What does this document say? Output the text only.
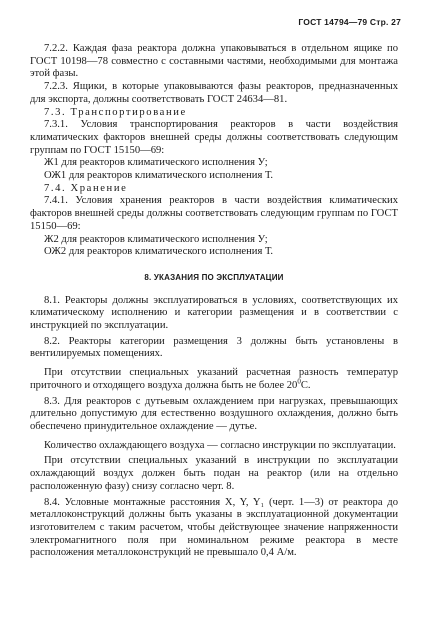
ГОСТ 14794—79 Стр. 27

7.2.2. Каждая фаза реактора должна упаковываться в отдельном ящике по ГОСТ 10198—78 совместно с составными частями, необходимыми для монтажа этой фазы.

7.2.3. Ящики, в которые упаковываются фазы реакторов, предназначенных для экспорта, должны соответствовать ГОСТ 24634—81.

7.3. Транспортирование

7.3.1. Условия транспортирования реакторов в части воздействия климатических факторов внешней среды должны соответствовать следующим группам по ГОСТ 15150—69:

Ж1 для реакторов климатического исполнения У;

ОЖ1 для реакторов климатического исполнения Т.

7.4. Хранение

7.4.1. Условия хранения реакторов в части воздействия климатических факторов внешней среды должны соответствовать следующим группам по ГОСТ 15150—69:

Ж2 для реакторов климатического исполнения У;

ОЖ2 для реакторов климатического исполнения Т.

8. УКАЗАНИЯ ПО ЭКСПЛУАТАЦИИ

8.1. Реакторы должны эксплуатироваться в условиях, соответствующих их климатическому исполнению и категории размещения и в соответствии с инструкцией по эксплуатации.

8.2. Реакторы категории размещения 3 должны быть установлены в вентилируемых помещениях.

При отсутствии специальных указаний расчетная разность температур приточного и отходящего воздуха должна быть не более $20^0С$.

8.3. Для реакторов с дутьевым охлаждением при нагрузках, превышающих длительно допустимую для естественно воздушного охлаждения, должно быть обеспечено принудительное охлаждение — дутье.

Количество охлаждающего воздуха — согласно инструкции по эксплуатации.

При отсутствии специальных указаний в инструкции по эксплуатации охлаждающий воздух должен быть подан на реактор (или на отдельно расположенную фазу) снизу согласно черт. 8.

8.4. Условные монтажные расстояния X, Y, Y₁ (черт. 1—3) от реактора до металлоконструкций должны быть указаны в эксплуатационной документации изготовителем с таким расчетом, чтобы действующее значение напряженности электромагнитного поля при номинальном режиме реактора в месте расположения металлоконструкций не превышало 0,4 А/м.
